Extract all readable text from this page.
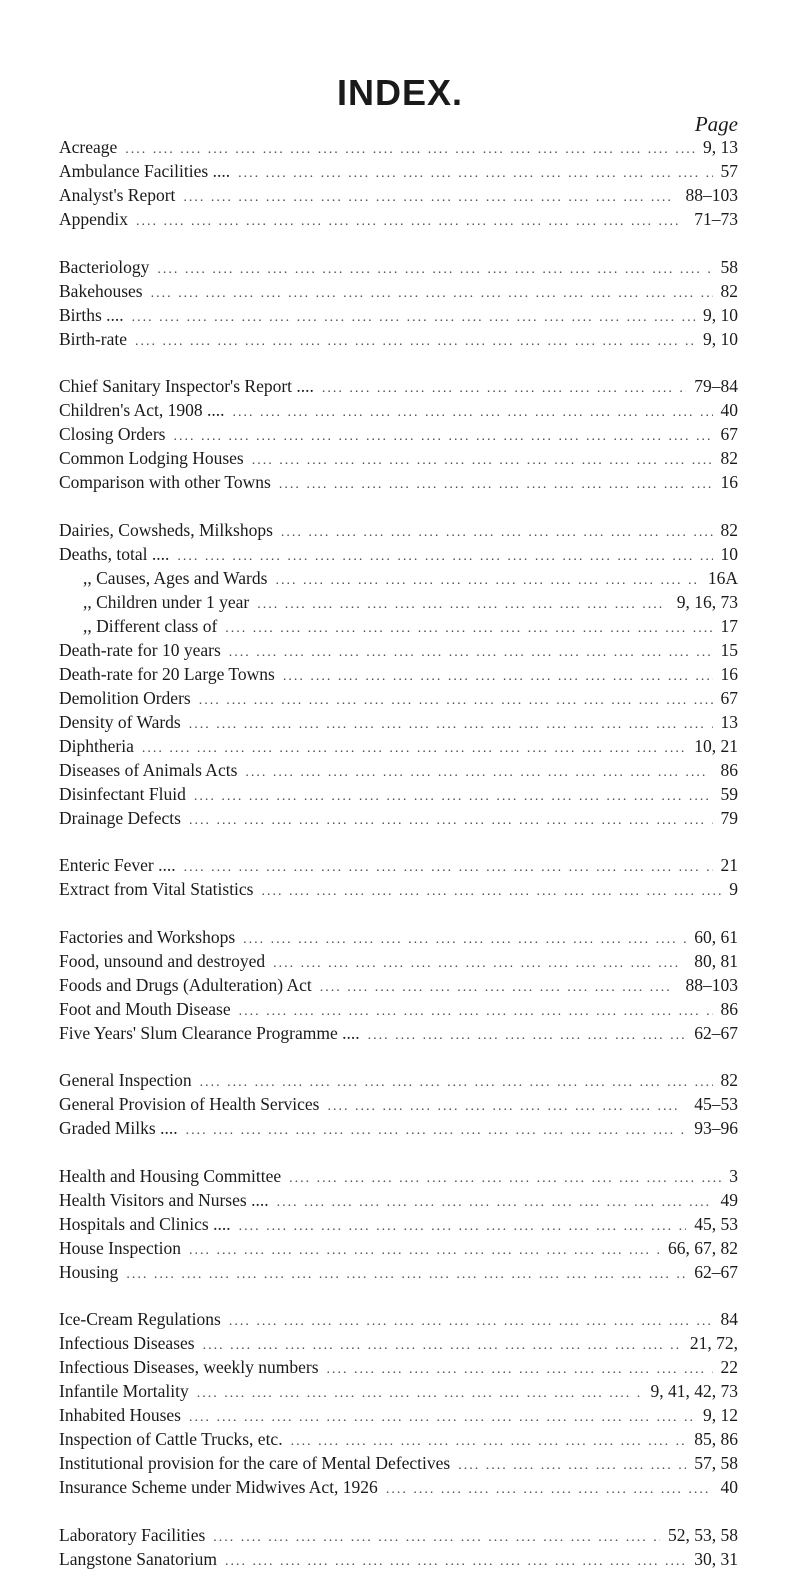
INDEX.
Page
Acreage ....	9, 13
Ambulance Facilities .... ....	57
Analyst's Report ....	88–103
Appendix ....	71–73
Bacteriology ....	58
Bakehouses ....	82
Births .... ....	9, 10
Birth-rate ....	9, 10
Chief Sanitary Inspector's Report .... ....	79–84
Children's Act, 1908 .... ....	40
Closing Orders ....	67
Common Lodging Houses ....	82
Comparison with other Towns ....	16
Dairies, Cowsheds, Milkshops ....	82
Deaths, total .... ....	10
,, Causes, Ages and Wards ....	16A
,, Children under 1 year ....	9, 16, 73
,, Different class of ....	17
Death-rate for 10 years ....	15
Death-rate for 20 Large Towns ....	16
Demolition Orders ....	67
Density of Wards ....	13
Diphtheria ....	10, 21
Diseases of Animals Acts ....	86
Disinfectant Fluid ....	59
Drainage Defects ....	79
Enteric Fever .... ....	21
Extract from Vital Statistics ....	9
Factories and Workshops ....	60, 61
Food, unsound and destroyed ....	80, 81
Foods and Drugs (Adulteration) Act ....	88–103
Foot and Mouth Disease ....	86
Five Years' Slum Clearance Programme .... ....	62–67
General Inspection ....	82
General Provision of Health Services ....	45–53
Graded Milks .... ....	93–96
Health and Housing Committee ....	3
Health Visitors and Nurses .... ....	49
Hospitals and Clinics .... ....	45, 53
House Inspection ....	66, 67, 82
Housing ....	62–67
Ice-Cream Regulations ....	84
Infectious Diseases ....	21, 72,
Infectious Diseases, weekly numbers ....	22
Infantile Mortality ....	9, 41, 42, 73
Inhabited Houses ....	9, 12
Inspection of Cattle Trucks, etc. ....	85, 86
Institutional provision for the care of Mental Defectives ....	57, 58
Insurance Scheme under Midwives Act, 1926 ....	40
Laboratory Facilities ....	52, 53, 58
Langstone Sanatorium ....	30, 31
